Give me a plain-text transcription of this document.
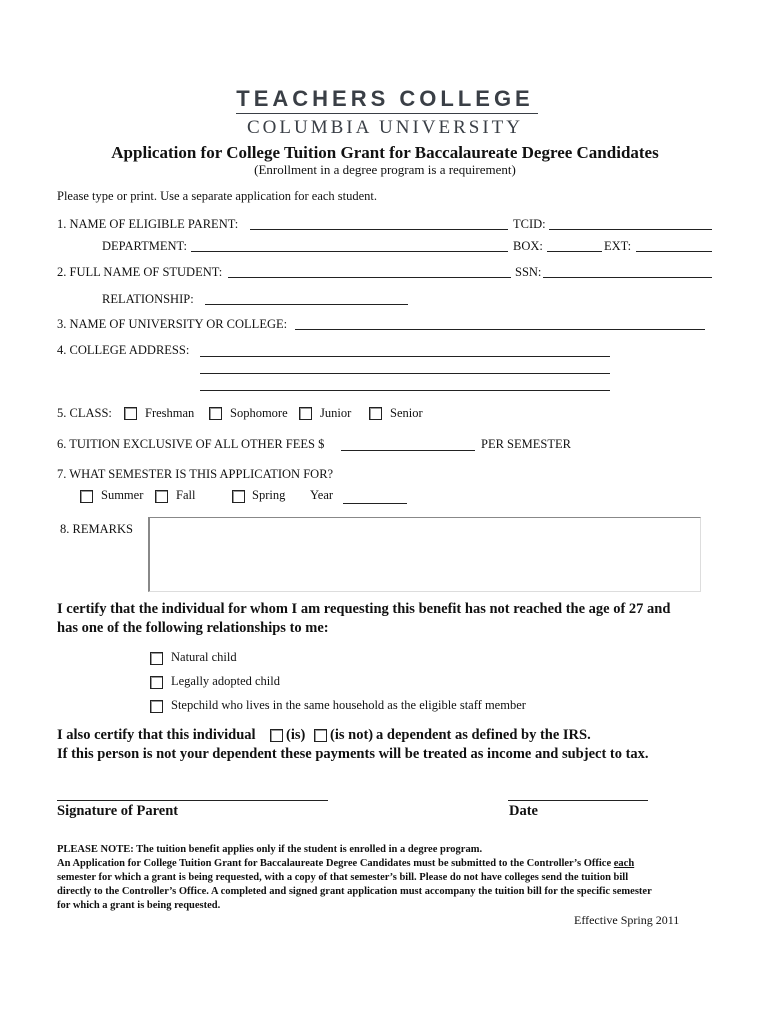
TEACHERS COLLEGE
COLUMBIA UNIVERSITY
Application for College Tuition Grant for Baccalaureate Degree Candidates
(Enrollment in a degree program is a requirement)
Please type or print. Use a separate application for each student.
1. NAME OF ELIGIBLE PARENT:	TCID:
DEPARTMENT:	BOX:	EXT:
2. FULL NAME OF STUDENT:	SSN:
RELATIONSHIP:
3. NAME OF UNIVERSITY OR COLLEGE:
4. COLLEGE ADDRESS:
5. CLASS:	Freshman	Sophomore	Junior	Senior
6. TUITION EXCLUSIVE OF ALL OTHER FEES $	PER SEMESTER
7. WHAT SEMESTER IS THIS APPLICATION FOR?
Summer	Fall	Spring Year
8. REMARKS
I certify that the individual for whom I am requesting this benefit has not reached the age of 27 and
has one of the following relationships to me:
Natural child
Legally adopted child
Stepchild who lives in the same household as the eligible staff member
I also certify that this individual (is) (is not) a dependent as defined by the IRS.
If this person is not your dependent these payments will be treated as income and subject to tax.
Signature of Parent	Date
PLEASE NOTE: The tuition benefit applies only if the student is enrolled in a degree program.
An Application for College Tuition Grant for Baccalaureate Degree Candidates must be submitted to the Controller’s Office each
semester for which a grant is being requested, with a copy of that semester’s bill. Please do not have colleges send the tuition bill
directly to the Controller’s Office. A completed and signed grant application must accompany the tuition bill for the specific semester
for which a grant is being requested.
Effective Spring 2011
